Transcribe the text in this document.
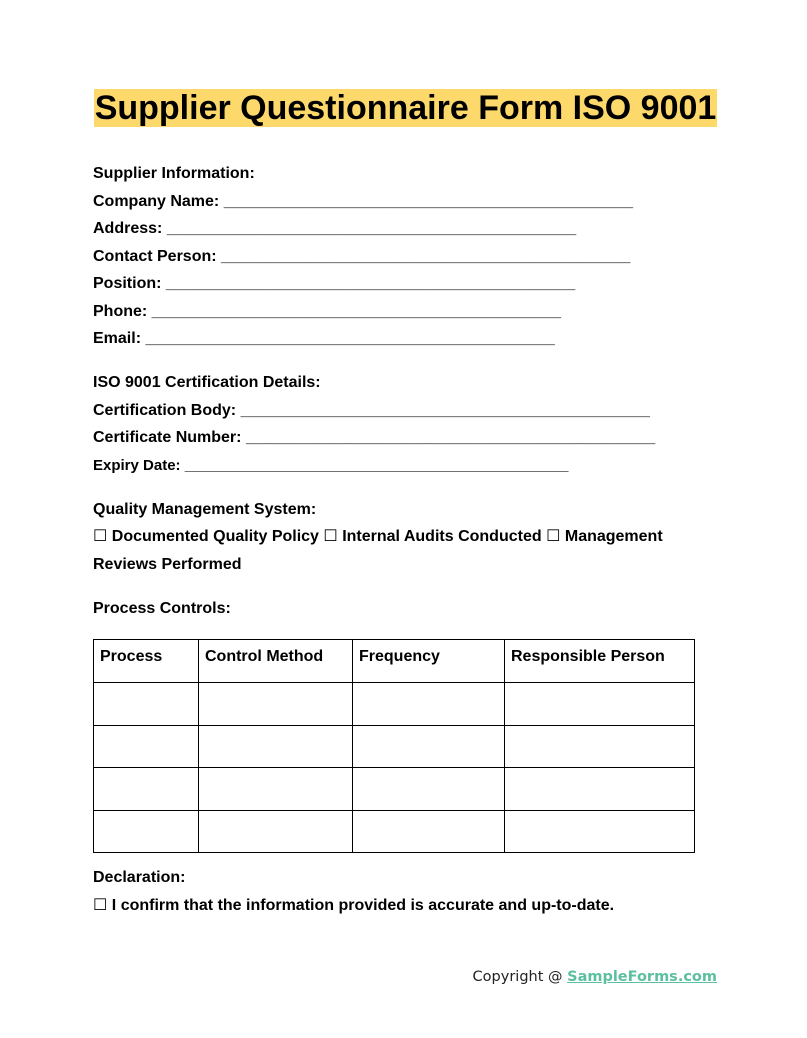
Supplier Questionnaire Form ISO 9001
Supplier Information:
Company Name: ______________________________________________
Address: ______________________________________________
Contact Person: ______________________________________________
Position: ______________________________________________
Phone: ______________________________________________
Email: ______________________________________________
ISO 9001 Certification Details:
Certification Body: ______________________________________________
Certificate Number: ______________________________________________
Expiry Date: ______________________________________________
Quality Management System:
☐ Documented Quality Policy ☐ Internal Audits Conducted ☐ Management Reviews Performed
Process Controls:
Process	Control Method	Frequency	Responsible Person

Declaration:
☐ I confirm that the information provided is accurate and up-to-date.
Copyright @ SampleForms.com
